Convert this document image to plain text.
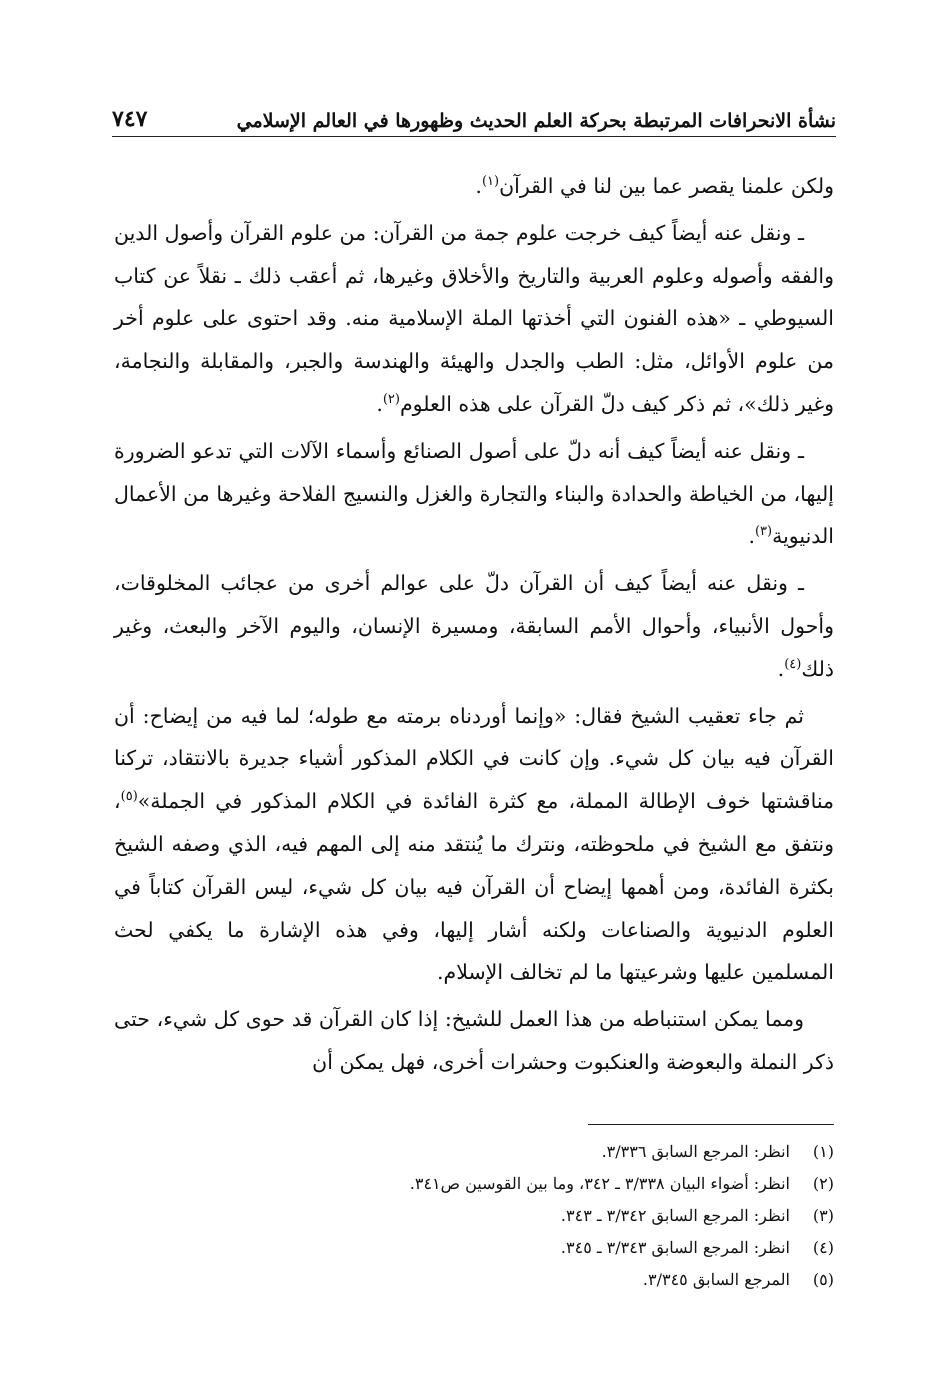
نشأة الانحرافات المرتبطة بحركة العلم الحديث وظهورها في العالم الإسلامي
٧٤٧

ولكن علمنا يقصر عما بين لنا في القرآن$^{(١)}$.

ـ ونقل عنه أيضاً كيف خرجت علوم جمة من القرآن: من علوم القرآن وأصول الدين والفقه وأصوله وعلوم العربية والتاريخ والأخلاق وغيرها، ثم أعقب ذلك ـ نقلاً عن كتاب السيوطي ـ «هذه الفنون التي أخذتها الملة الإسلامية منه. وقد احتوى على علوم أخر من علوم الأوائل، مثل: الطب والجدل والهيئة والهندسة والجبر، والمقابلة والنجامة، وغير ذلك»، ثم ذكر كيف دلّ القرآن على هذه العلوم$^{(٢)}$.

ـ ونقل عنه أيضاً كيف أنه دلّ على أصول الصنائع وأسماء الآلات التي تدعو الضرورة إليها، من الخياطة والحدادة والبناء والتجارة والغزل والنسيج الفلاحة وغيرها من الأعمال الدنيوية$^{(٣)}$.

ـ ونقل عنه أيضاً كيف أن القرآن دلّ على عوالم أخرى من عجائب المخلوقات، وأحول الأنبياء، وأحوال الأمم السابقة، ومسيرة الإنسان، واليوم الآخر والبعث، وغير ذلك$^{(٤)}$.

ثم جاء تعقيب الشيخ فقال: «وإنما أوردناه برمته مع طوله؛ لما فيه من إيضاح: أن القرآن فيه بيان كل شيء. وإن كانت في الكلام المذكور أشياء جديرة بالانتقاد، تركنا مناقشتها خوف الإطالة المملة، مع كثرة الفائدة في الكلام المذكور في الجملة»$^{(٥)}$، ونتفق مع الشيخ في ملحوظته، ونترك ما يُنتقد منه إلى المهم فيه، الذي وصفه الشيخ بكثرة الفائدة، ومن أهمها إيضاح أن القرآن فيه بيان كل شيء، ليس القرآن كتاباً في العلوم الدنيوية والصناعات ولكنه أشار إليها، وفي هذه الإشارة ما يكفي لحث المسلمين عليها وشرعيتها ما لم تخالف الإسلام.

ومما يمكن استنباطه من هذا العمل للشيخ: إذا كان القرآن قد حوى كل شيء، حتى ذكر النملة والبعوضة والعنكبوت وحشرات أخرى، فهل يمكن أن

(١)
انظر: المرجع السابق ٣/٣٣٦.
(٢)
انظر: أضواء البيان ٣/٣٣٨ ـ ٣٤٢، وما بين القوسين ص٣٤١.
(٣)
انظر: المرجع السابق ٣/٣٤٢ ـ ٣٤٣.
(٤)
انظر: المرجع السابق ٣/٣٤٣ ـ ٣٤٥.
(٥)
المرجع السابق ٣/٣٤٥.
